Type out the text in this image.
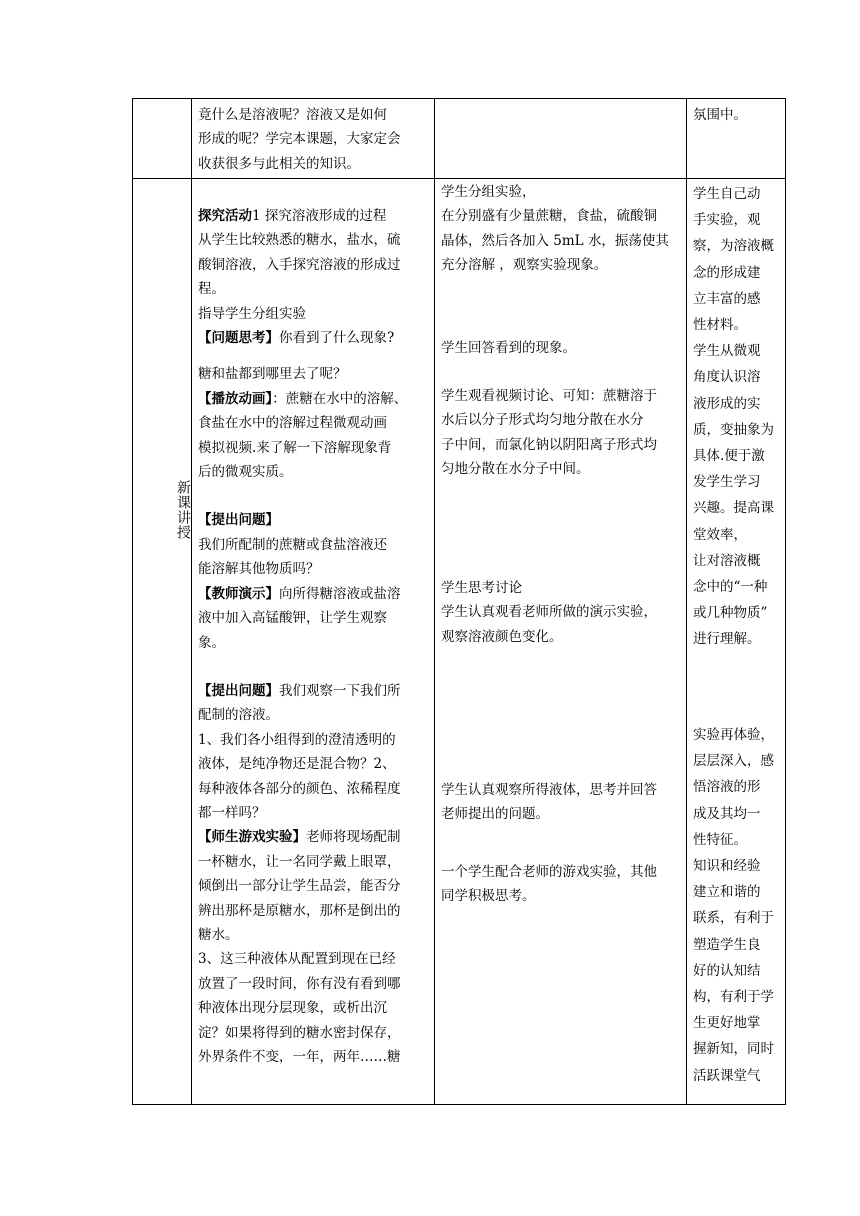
竟什么是溶液呢？溶液又是如何

形成的呢？学完本课题，大家定会

收获很多与此相关的知识。

氛围中。

新课讲授

探究活动1 探究溶液形成的过程

从学生比较熟悉的糖水，盐水，硫

酸铜溶液，入手探究溶液的形成过

程。

指导学生分组实验

【问题思考】你看到了什么现象?

糖和盐都到哪里去了呢？

【播放动画】：蔗糖在水中的溶解、

食盐在水中的溶解过程微观动画

模拟视频.来了解一下溶解现象背

后的微观实质。

【提出问题】

我们所配制的蔗糖或食盐溶液还

能溶解其他物质吗？

【教师演示】向所得糖溶液或盐溶

液中加入高锰酸钾，让学生观察

象。

【提出问题】我们观察一下我们所

配制的溶液。

1、我们各小组得到的澄清透明的

液体，是纯净物还是混合物？2、

每种液体各部分的颜色、浓稀程度

都一样吗？

【师生游戏实验】老师将现场配制

一杯糖水，让一名同学戴上眼罩，

倾倒出一部分让学生品尝，能否分

辨出那杯是原糖水，那杯是倒出的

糖水。

3、这三种液体从配置到现在已经

放置了一段时间，你有没有看到哪

种液体出现分层现象，或析出沉

淀？如果将得到的糖水密封保存，

外界条件不变，一年，两年……糖

学生分组实验，

在分别盛有少量蔗糖，食盐，硫酸铜

晶体，然后各加入 5mL 水，振荡使其

充分溶解 ，观察实验现象。

学生回答看到的现象。

学生观看视频讨论、可知：蔗糖溶于

水后以分子形式均匀地分散在水分

子中间，而氯化钠以阴阳离子形式均

匀地分散在水分子中间。

学生思考讨论

学生认真观看老师所做的演示实验，

观察溶液颜色变化。

学生认真观察所得液体，思考并回答

老师提出的问题。

一个学生配合老师的游戏实验，其他

同学积极思考。

学生自己动

手实验，观

察，为溶液概

念的形成建

立丰富的感

性材料。

学生从微观

角度认识溶

液形成的实

质，变抽象为

具体.便于激

发学生学习

兴趣。提高课

堂效率，

让对溶液概

念中的“一种

或几种物质”

进行理解。

实验再体验，

层层深入，感

悟溶液的形

成及其均一

性特征。

知识和经验

建立和谐的

联系，有利于

塑造学生良

好的认知结

构，有利于学

生更好地掌

握新知，同时

活跃课堂气
